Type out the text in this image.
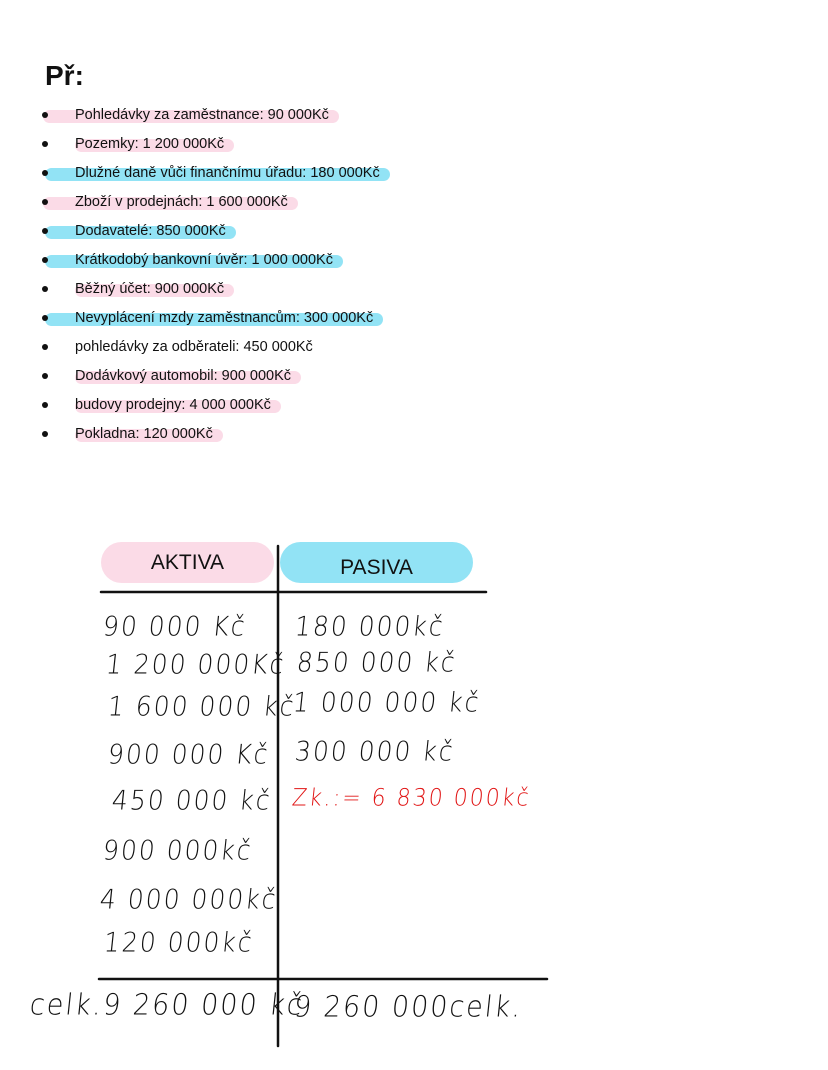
Př:
Pohledávky za zaměstnance: 90 000Kč
Pozemky: 1 200 000Kč
Dlužné daně vůči finančnímu úřadu: 180 000Kč
Zboží v prodejnách: 1 600 000Kč
Dodavatelé: 850 000Kč
Krátkodobý bankovní úvěr: 1 000 000Kč
Běžný účet: 900 000Kč
Nevyplácení mzdy zaměstnancům: 300 000Kč
pohledávky za odběrateli: 450 000Kč
Dodávkový automobil: 900 000Kč
budovy prodejny: 4 000 000Kč
Pokladna: 120 000Kč
AKTIVA	PASIVA
90 000 Kč
1 200 000Kč
1 600 000 kč
900 000 Kč
450 000 kč
900 000kč
4 000 000kč
120 000kč
180 000kč
850 000 kč
1 000 000 kč
300 000 kč
Zk.:= 6 830 000kč
celk.9 260 000 kč
9 260 000celk.
